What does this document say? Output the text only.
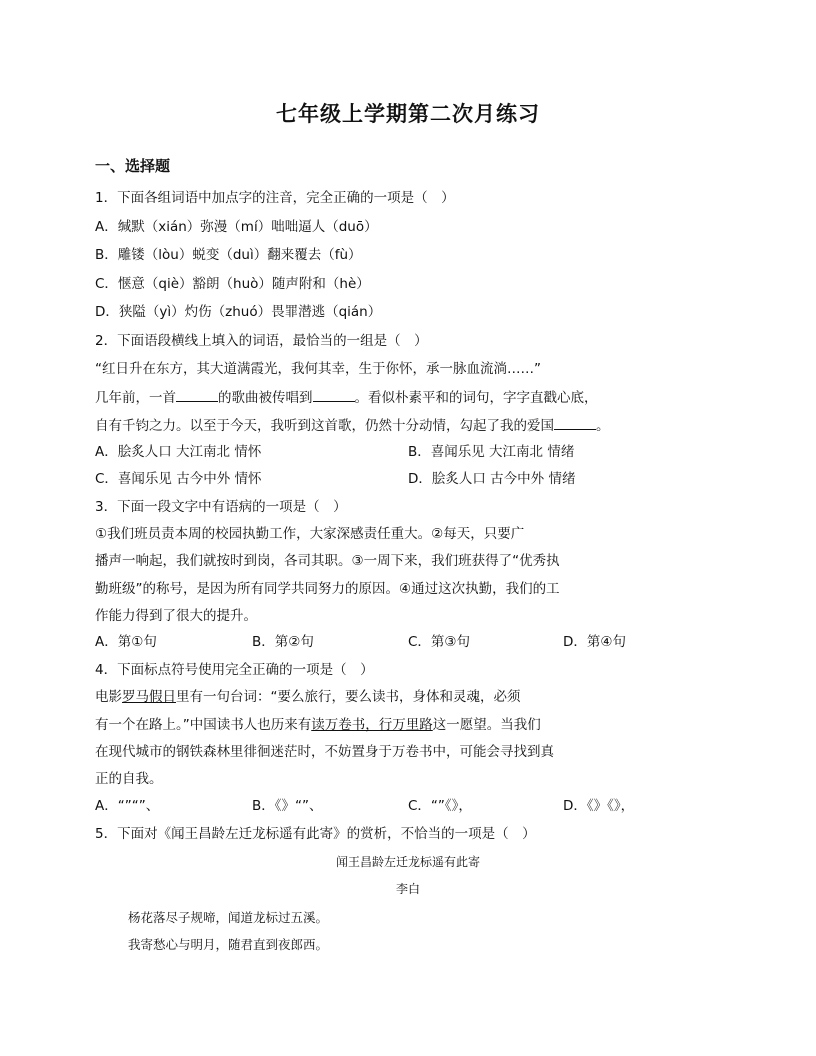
七年级上学期第二次月练习
一、选择题
1．下面各组词语中加点字的注音，完全正确的一项是（　）
A．缄默（xián）弥漫（mí）咄咄逼人（duō）
B．雕镂（lòu）蜕变（duì）翻来覆去（fù）
C．惬意（qiè）豁朗（huò）随声附和（hè）
D．狭隘（yì）灼伤（zhuó）畏罪潜逃（qián）
2．下面语段横线上填入的词语，最恰当的一组是（　）
“红日升在东方，其大道满霞光，我何其幸，生于你怀，承一脉血流淌……”
几年前，一首	的歌曲被传唱到	。看似朴素平和的词句，字字直戳心底，
自有千钧之力。以至于今天，我听到这首歌，仍然十分动情，勾起了我的爱国	。
A．脍炙人口 大江南北 情怀	B．喜闻乐见 大江南北 情绪
C．喜闻乐见 古今中外 情怀	D．脍炙人口 古今中外 情绪
3．下面一段文字中有语病的一项是（　）
①我们班员责本周的校园执勤工作，大家深感责任重大。②每天，只要广
播声一响起，我们就按时到岗，各司其职。③一周下来，我们班获得了“优秀执
勤班级”的称号，是因为所有同学共同努力的原因。④通过这次执勤，我们的工
作能力得到了很大的提升。
A．第①句	B．第②句	C．第③句	D．第④句
4．下面标点符号使用完全正确的一项是（　）
电影罗马假日里有一句台词：“要么旅行，要么读书，身体和灵魂，必须
有一个在路上。”中国读书人也历来有读万卷书，行万里路这一愿望。当我们
在现代城市的钢铁森林里徘徊迷茫时，不妨置身于万卷书中，可能会寻找到真
正的自我。
A．“”“”、	B．《》“”、	C．“”《》，	D．《》《》，
5．下面对《闻王昌龄左迁龙标遥有此寄》的赏析，不恰当的一项是（　）
闻王昌龄左迁龙标遥有此寄
李白
杨花落尽子规啼，闻道龙标过五溪。
我寄愁心与明月，随君直到夜郎西。
